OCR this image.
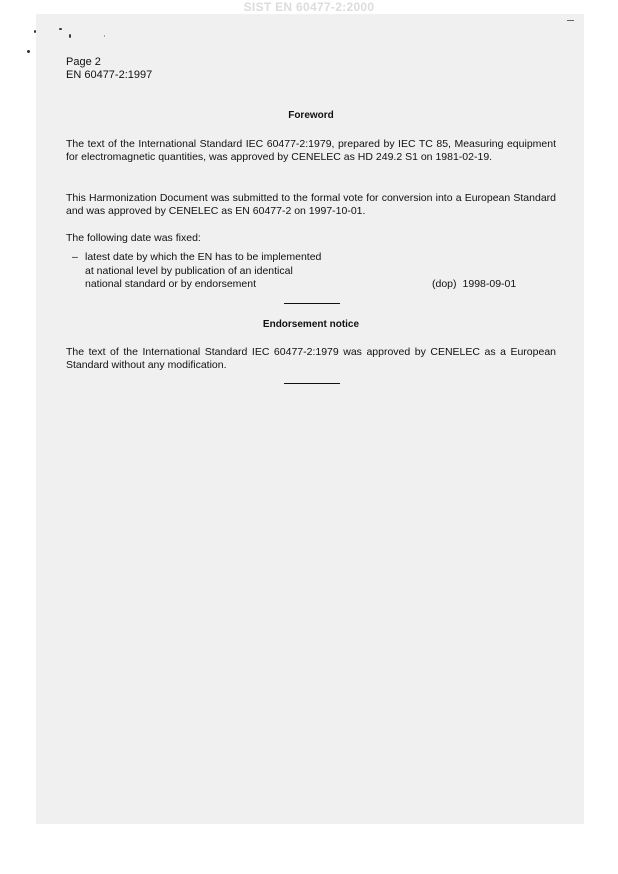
SIST EN 60477-2:2000
Page 2
EN 60477-2:1997
Foreword
The text of the International Standard IEC 60477-2:1979, prepared by IEC TC 85, Measuring equipment for electromagnetic quantities, was approved by CENELEC as HD 249.2 S1 on 1981-02-19.
This Harmonization Document was submitted to the formal vote for conversion into a European Standard and was approved by CENELEC as EN 60477-2 on 1997-10-01.
The following date was fixed:
– latest date by which the EN has to be implemented
at national level by publication of an identical
national standard or by endorsement	(dop) 1998-09-01
Endorsement notice
The text of the International Standard IEC 60477-2:1979 was approved by CENELEC as a European Standard without any modification.
